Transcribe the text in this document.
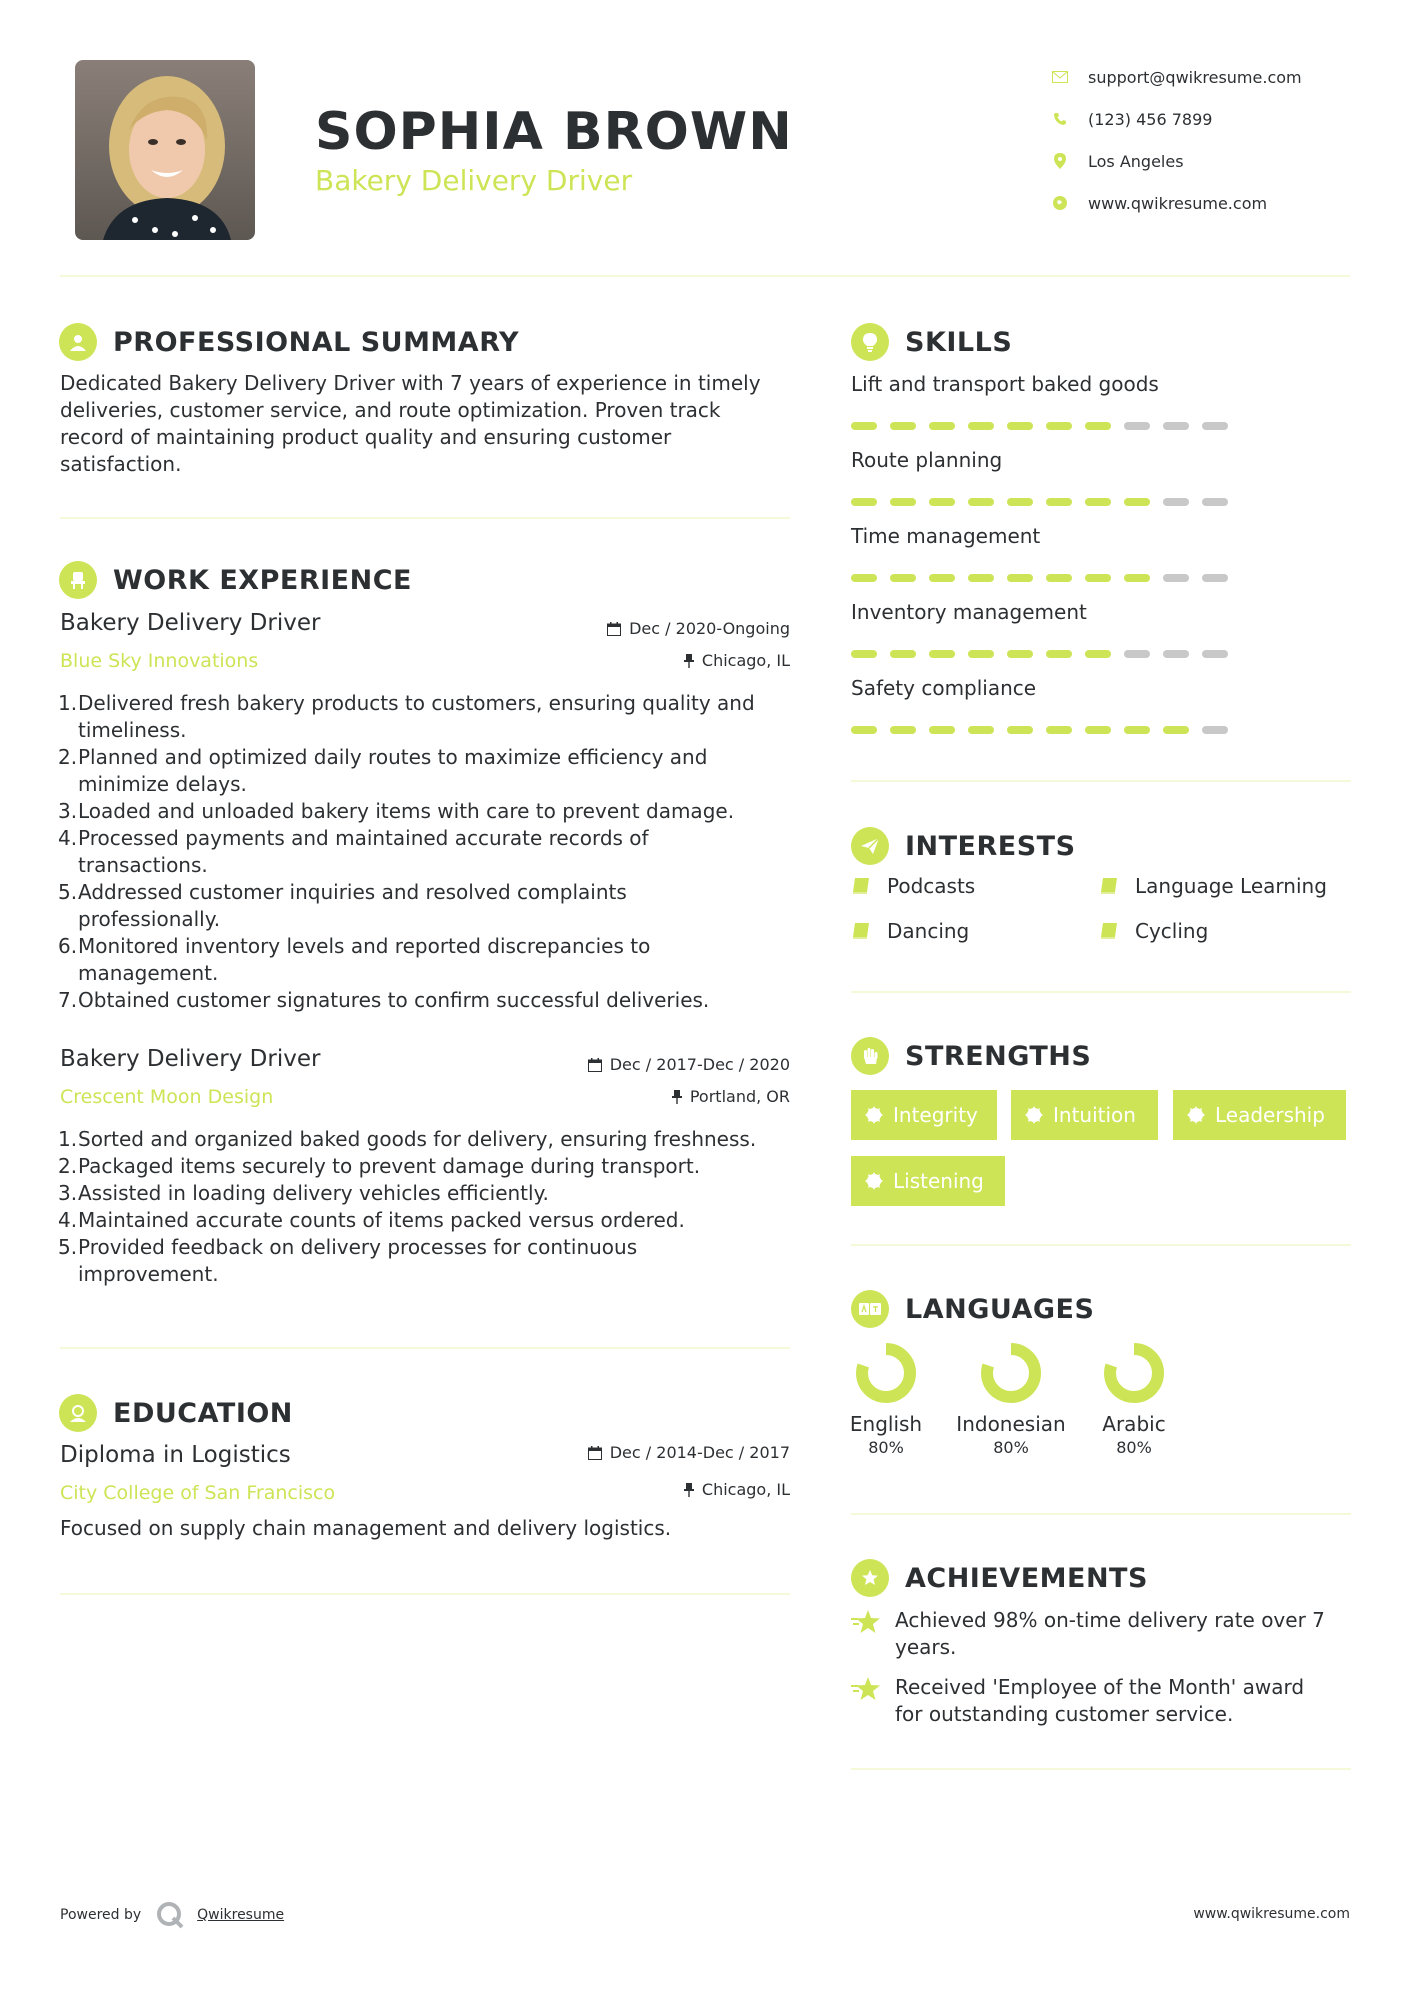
SOPHIA BROWN
Bakery Delivery Driver
support@qwikresume.com
(123) 456 7899
Los Angeles
www.qwikresume.com
PROFESSIONAL SUMMARY
Dedicated Bakery Delivery Driver with 7 years of experience in timely
deliveries, customer service, and route optimization. Proven track
record of maintaining product quality and ensuring customer
satisfaction.
WORK EXPERIENCE
Bakery Delivery Driver
Blue Sky Innovations
Dec / 2020-Ongoing
Chicago, IL
1. Delivered fresh bakery products to customers, ensuring quality and
timeliness.
2. Planned and optimized daily routes to maximize efficiency and
minimize delays.
3. Loaded and unloaded bakery items with care to prevent damage.
4. Processed payments and maintained accurate records of
transactions.
5. Addressed customer inquiries and resolved complaints
professionally.
6. Monitored inventory levels and reported discrepancies to
management.
7. Obtained customer signatures to confirm successful deliveries.
Bakery Delivery Driver
Crescent Moon Design
Dec / 2017-Dec / 2020
Portland, OR
1. Sorted and organized baked goods for delivery, ensuring freshness.
2. Packaged items securely to prevent damage during transport.
3. Assisted in loading delivery vehicles efficiently.
4. Maintained accurate counts of items packed versus ordered.
5. Provided feedback on delivery processes for continuous
improvement.
EDUCATION
Diploma in Logistics
City College of San Francisco
Dec / 2014-Dec / 2017
Chicago, IL
Focused on supply chain management and delivery logistics.
SKILLS
Lift and transport baked goods
Route planning
Time management
Inventory management
Safety compliance
INTERESTS
Podcasts	Language Learning
Dancing	Cycling
STRENGTHS
Integrity	Intuition	Leadership
Listening
LANGUAGES
English
80%
Indonesian
80%
Arabic
80%
ACHIEVEMENTS
Achieved 98% on-time delivery rate over 7
years.
Received 'Employee of the Month' award
for outstanding customer service.
Powered by	Qwikresume	www.qwikresume.com
